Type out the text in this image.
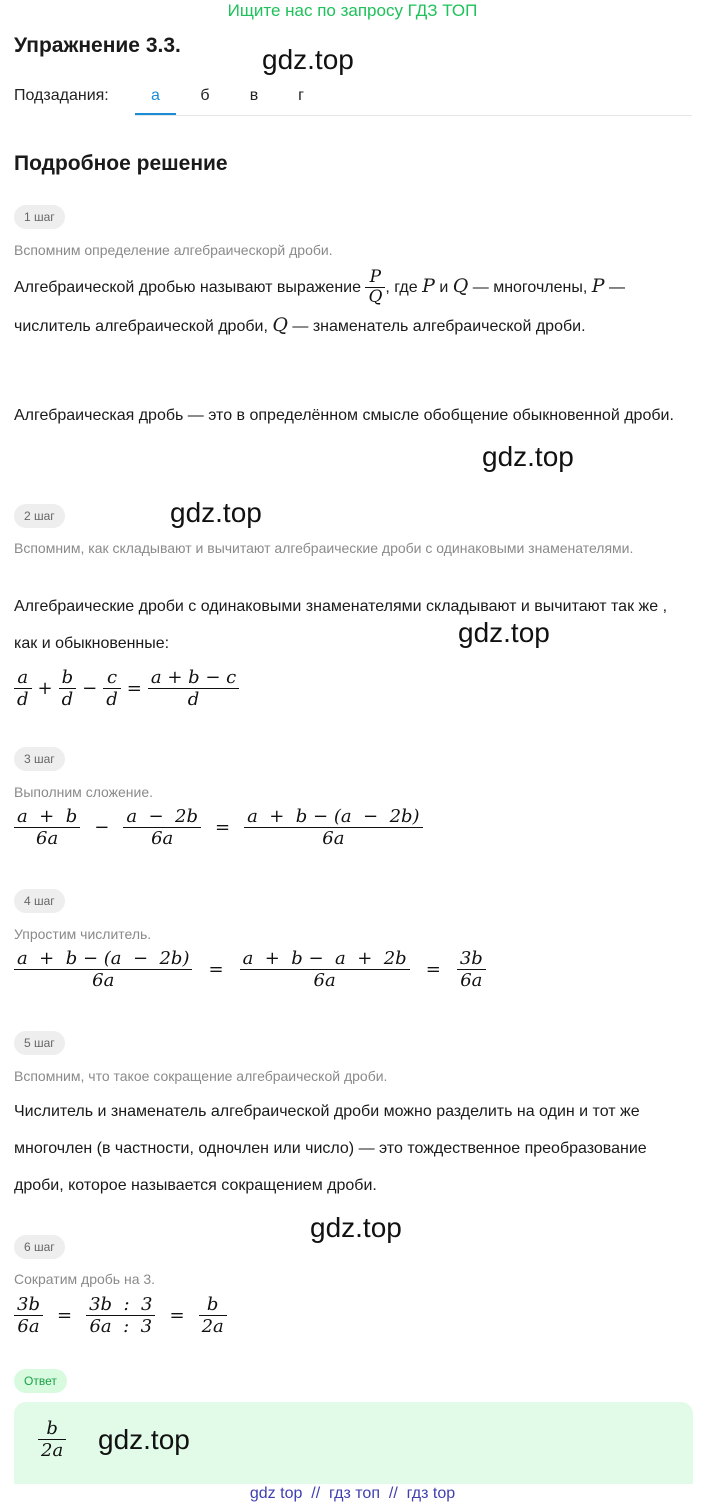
Ищите нас по запросу ГДЗ ТОП
Упражнение 3.3.	gdz.top
Подзадания:	а	б	в	г
Подробное решение
1 шаг
Вспомним определение алгебраическорй дроби.
Алгебраической дробью называют выражение $\frac{P}{Q}$ , где P и Q — многочлены, P — числитель алгебраической дроби, Q — знаменатель алгебраической дроби.
Алгебраическая дробь — это в определённом смысле обобщение обыкновенной дроби.
gdz.top
2 шаг	gdz.top
Вспомним, как складывают и вычитают алгебраические дроби с одинаковыми знаменателями.
Алгебраические дроби с одинаковыми знаменателями складывают и вычитают так же , как и обыкновенные:	gdz.top
$\frac{a}{d} + \frac{b}{d} - \frac{c}{d} = \frac{a + b - c}{d}$
3 шаг
Выполним сложение.
$\frac{a + b}{6a} - \frac{a - 2b}{6a} = \frac{a + b - (a - 2b)}{6a}$
4 шаг
Упростим числитель.
$\frac{a + b - (a - 2b)}{6a} = \frac{a + b - a + 2b}{6a} = \frac{3b}{6a}$
5 шаг
Вспомним, что такое сокращение алгебраической дроби.
Числитель и знаменатель алгебраической дроби можно разделить на один и тот же многочлен (в частности, одночлен или число) — это тождественное преобразование дроби, которое называется сокращением дроби.
gdz.top
6 шаг
Сократим дробь на 3.
$\frac{3b}{6a} = \frac{3b : 3}{6a : 3} = \frac{b}{2a}$
Ответ
$\frac{b}{2a} gdz.top$
gdz top  //  гдз топ  //  гдз top
